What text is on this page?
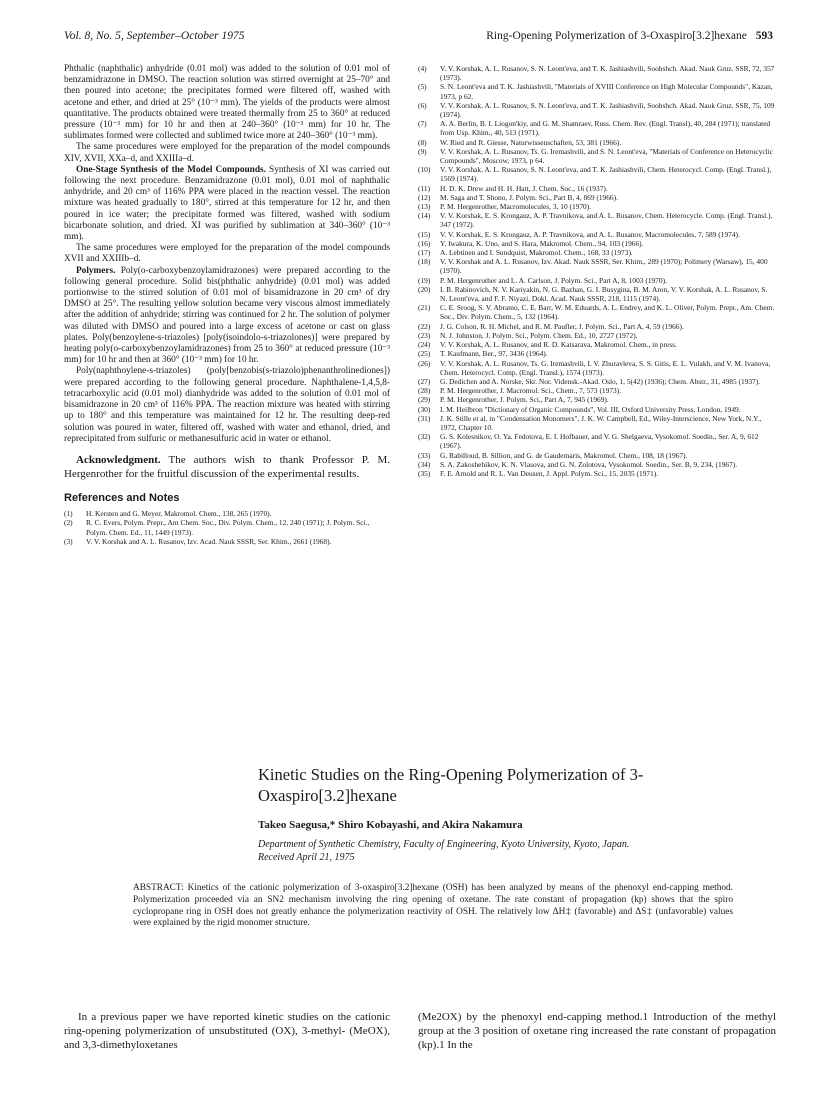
Vol. 8, No. 5, September–October 1975	Ring-Opening Polymerization of 3-Oxaspiro[3.2]hexane 593

Phthalic (naphthalic) anhydride (0.01 mol) was added to the solution of 0.01 mol of benzamidrazone in DMSO. The reaction solution was stirred overnight at 25–70° and then poured into acetone; the precipitates formed were filtered off, washed with acetone and ether, and dried at 25° (10⁻³ mm). The yields of the products were almost quantitative. The products obtained were treated thermally from 25 to 360° at reduced pressure (10⁻³ mm) for 10 hr and then at 240–360° (10⁻³ mm) for 10 hr. The sublimates formed were collected and sublimed twice more at 240–360° (10⁻³ mm).

The same procedures were employed for the preparation of the model compounds XIV, XVII, XXa–d, and XXIIIa–d.

One-Stage Synthesis of the Model Compounds. Synthesis of XI was carried out following the next procedure. Benzamidrazone (0.01 mol), 0.01 mol of naphthalic anhydride, and 20 cm³ of 116% PPA were placed in the reaction vessel. The reaction mixture was heated gradually to 180°, stirred at this temperature for 12 hr, and then poured in ice water; the precipitate formed was filtered, washed with sodium bicarbonate solution, and dried. XI was purified by sublimation at 340–360° (10⁻³ mm).

The same procedures were employed for the preparation of the model compounds XVII and XXIIIb–d.

Polymers. Poly(o-carboxybenzoylamidrazones) were prepared according to the following general procedure. Solid bis(phthalic anhydride) (0.01 mol) was added portionwise to the stirred solution of 0.01 mol of bisamidrazone in 20 cm³ of dry DMSO at 25°. The resulting yellow solution became very viscous almost immediately after the addition of anhydride; stirring was continued for 2 hr. The solution of polymer was diluted with DMSO and poured into a large excess of acetone or cast on glass plates. Poly(benzoylene-s-triazoles) [poly(isoindolo-s-triazolones)] were prepared by heating poly(o-carboxybenzoylamidrazones) from 25 to 360° at reduced pressure (10⁻³ mm) for 10 hr and then at 360° (10⁻³ mm) for 10 hr.

Poly(naphthoylene-s-triazoles) (poly[benzobis(s-triazolo)phenanthrolinediones]) were prepared according to the following general procedure. Naphthalene-1,4,5,8-tetracarboxylic acid (0.01 mol) dianhydride was added to the solution of 0.01 mol of bisamidrazone in 20 cm³ of 116% PPA. The reaction mixture was heated with stirring up to 180° and this temperature was maintained for 12 hr. The resulting deep-red solution was poured in water, filtered off, washed with water and ethanol, dried, and reprecipitated from sulfuric or methanesulfuric acid in water or ethanol.

Acknowledgment. The authors wish to thank Professor P. M. Hergenrother for the fruitful discussion of the experimental results.

References and Notes
(1)	H. Kersten and G. Meyer, Makromol. Chem., 138, 265 (1970).
(2)	R. C. Evers, Polym. Prepr., Am Chem. Soc., Div. Polym. Chem., 12, 240 (1971); J. Polym. Sci., Polym. Chem. Ed., 11, 1449 (1973).
(3)	V. V. Korshak and A. L. Rusanov, Izv. Acad. Nauk SSSR, Ser. Khim., 2661 (1968).
(4)	V. V. Korshak, A. L. Rusanov, S. N. Leont'eva, and T. K. Jashiashvili, Soobshch. Akad. Nauk Gruz. SSR, 72, 357 (1973).
(5)	S. N. Leont'eva and T. K. Jashiashvili, "Materials of XVIII Conference on High Molecular Compounds", Kazan, 1973, p 62.
(6)	V. V. Korshak, A. L. Rusanov, S. N. Leont'eva, and T. K. Jashiashvili, Soobshch. Akad. Nauk Gruz. SSR, 75, 109 (1974).
(7)	A. A. Berlin, B. I. Liogon'kiy, and G. M. Shamraev, Russ. Chem. Rev. (Engl. Transl), 40, 284 (1971); translated from Usp. Khim., 40, 513 (1971).
(8)	W. Ried and R. Giesse, Naturwissenschaften, 53, 381 (1966).
(9)	V. V. Korshak, A. L. Rusanov, Ts. G. Iremashvili, and S. N. Leont'eva, "Materials of Conference on Heterocyclic Compounds", Moscow, 1973, p 64.
(10)	V. V. Korshak, A. L. Rusanov, S. N. Leont'eva, and T. K. Jashiashvili, Chem. Heterocycl. Comp. (Engl. Transl.), 1569 (1974).
(11)	H. D. K. Drew and H. H. Hatt, J. Chem. Soc., 16 (1937).
(12)	M. Saga and T. Shono, J. Polym. Sci., Part B, 4, 869 (1966).
(13)	P. M. Hergenrother, Macromolecules, 3, 10 (1970).
(14)	V. V. Korshak, E. S. Krongauz, A. P. Travnikova, and A. L. Rusanov, Chem. Heterocycle. Comp. (Engl. Transl.), 347 (1972).
(15)	V. V. Korshak, E. S. Krongauz, A. P. Travnikova, and A. L. Rusanov, Macromolecules, 7, 589 (1974).
(16)	Y. Iwakura, K. Uno, and S. Hara, Makromol. Chem., 94, 103 (1966).
(17)	A. Lebtinen and I. Sundquist, Makromol. Chem., 168, 33 (1973).
(18)	V. V. Korshak and A. L. Rusanov, Izv. Akad. Nauk SSSR, Ser. Khim., 289 (1970); Polimery (Warsaw), 15, 400 (1970).
(19)	P. M. Hergenrother and L. A. Carlson, J. Polym. Sci., Part A, 8, 1003 (1970).
(20)	I. B. Rabinovich, N. V. Kariyakin, N. G. Bazhan, G. I. Busygina, B. M. Aron, V. V. Korshak, A. L. Rusanov, S. N. Leont'eva, and F. F. Niyazi, Dokl. Acad. Nauk SSSR, 218, 1115 (1974).
(21)	C. E. Sroog, S. V. Abramo, C. E. Barr, W. M. Eduards, A. L. Endrey, and K. L. Oliver, Polym. Prepr., Am. Chem. Soc., Div. Polym. Chem., 5, 132 (1964).
(22)	J. G. Colson, R. H. Michel, and R. M. Paufler, J. Polym. Sci., Part A, 4, 59 (1966).
(23)	N. J. Johnston, J. Polym. Sci., Polym. Chem. Ed., 10, 2727 (1972).
(24)	V. V. Korshak, A. L. Rusanov, and R. D. Katsarava, Makromol. Chem., in press.
(25)	T. Kaufmann, Ber., 97, 3436 (1964).
(26)	V. V. Korshak, A. L. Rusanov, Ts. G. Iremashvili, I. V. Zhuravleva, S. S. Gitis, E. L. Vulakh, and V. M. Ivanova, Chem. Heterocycl. Comp. (Engl. Transl.), 1574 (1973).
(27)	G. Dedichen and A. Norske, Skr. Nor. Vidensk.-Akad. Oslo, 1, 5(42) (1936); Chem. Abstr., 31, 4985 (1937).
(28)	P. M. Hergenrother, J. Macromol. Sci., Chem., 7, 573 (1973).
(29)	P. M. Hergenrother, J. Polym. Sci., Part A, 7, 945 (1969).
(30)	I. M. Heilbron "Dictionary of Organic Compounds", Vol. III, Oxford University Press, London, 1949.
(31)	J. K. Stille et al. in "Condensation Monomers", J. K. W. Campbell, Ed., Wiley-Interscience, New York, N.Y., 1972, Chapter 10.
(32)	G. S. Kolesnikov, O. Ya. Fedotova, E. I. Hofbauer, and V. G. Shelgaeva, Vysokomol. Soedin., Ser. A, 9, 612 (1967).
(33)	G. Rabilloud, B. Sillion, and G. de Gaudemaris, Makromol. Chem., 108, 18 (1967).
(34)	S. A. Zakoshehikov, K. N. Vlasova, and G. N. Zolotova, Vysokomol. Soedin., Ser. B, 9, 234, (1967).
(35)	F. E. Arnold and R. L. Van Deusen, J. Appl. Polym. Sci., 15, 2035 (1971).
Kinetic Studies on the Ring-Opening Polymerization of 3-Oxaspiro[3.2]hexane
Takeo Saegusa,* Shiro Kobayashi, and Akira Nakamura
Department of Synthetic Chemistry, Faculty of Engineering, Kyoto University, Kyoto, Japan. Received April 21, 1975
ABSTRACT: Kinetics of the cationic polymerization of 3-oxaspiro[3.2]hexane (OSH) has been analyzed by means of the phenoxyl end-capping method. Polymerization proceeded via an SN2 mechanism involving the ring opening of oxetane. The rate constant of propagation (kp) shows that the spiro cyclopropane ring in OSH does not greatly enhance the polymerization reactivity of OSH. The relatively low ΔH‡ (favorable) and ΔS‡ (unfavorable) values were explained by the rigid monomer structure.
In a previous paper we have reported kinetic studies on the cationic ring-opening polymerization of unsubstituted (OX), 3-methyl- (MeOX), and 3,3-dimethyloxetanes
(Me2OX) by the phenoxyl end-capping method.1 Introduction of the methyl group at the 3 position of oxetane ring increased the rate constant of propagation (kp).1 In the
